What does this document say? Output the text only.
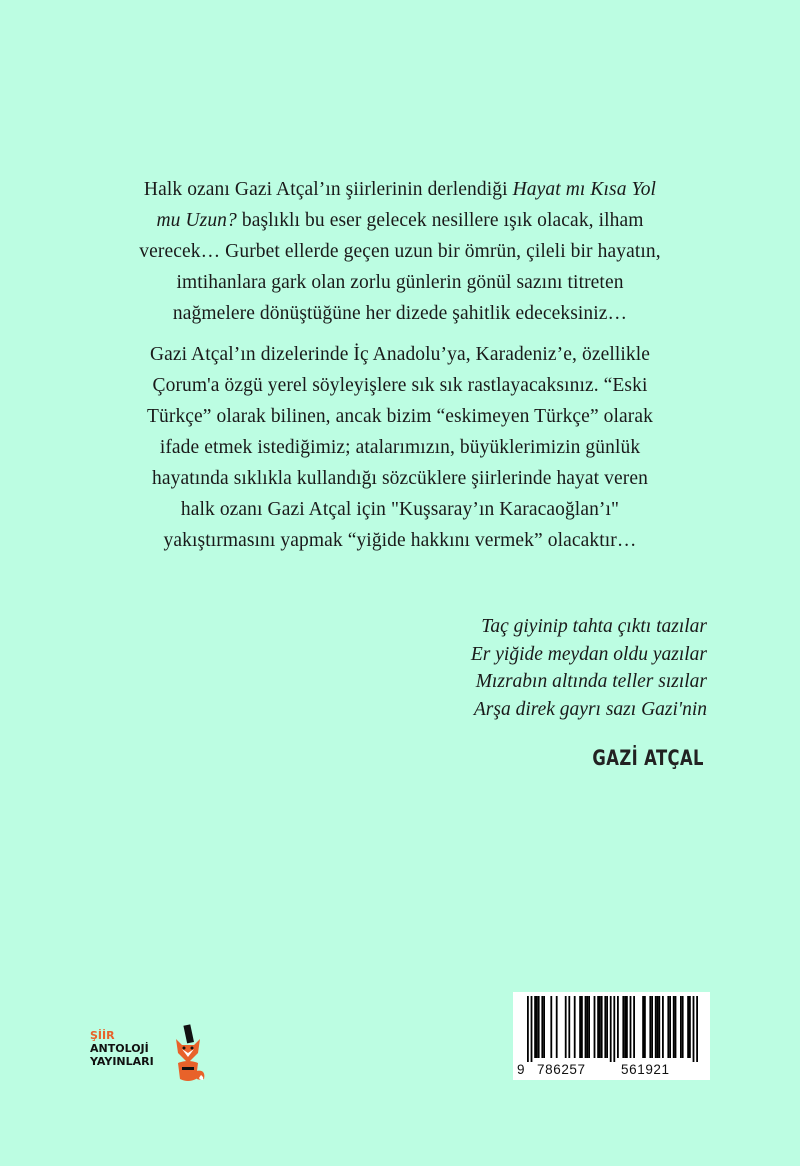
Halk ozanı Gazi Atçal’ın şiirlerinin derlendiği Hayat mı Kısa Yol
mu Uzun? başlıklı bu eser gelecek nesillere ışık olacak, ilham
verecek… Gurbet ellerde geçen uzun bir ömrün, çileli bir hayatın,
imtihanlara gark olan zorlu günlerin gönül sazını titreten
nağmelere dönüştüğüne her dizede şahitlik edeceksiniz…
Gazi Atçal’ın dizelerinde İç Anadolu’ya, Karadeniz’e, özellikle
Çorum'a özgü yerel söyleyişlere sık sık rastlayacaksınız. “Eski
Türkçe” olarak bilinen, ancak bizim “eskimeyen Türkçe” olarak
ifade etmek istediğimiz; atalarımızın, büyüklerimizin günlük
hayatında sıklıkla kullandığı sözcüklere şiirlerinde hayat veren
halk ozanı Gazi Atçal için "Kuşsaray’ın Karacaoğlan’ı"
yakıştırmasını yapmak “yiğide hakkını vermek” olacaktır…
Taç giyinip tahta çıktı tazılar
Er yiğide meydan oldu yazılar
Mızrabın altında teller sızılar
Arşa direk gayrı sazı Gazi'nin
GAZİ ATÇAL
ŞİİR
ANTOLOJİ
YAYINLARI
9 786257	561921
